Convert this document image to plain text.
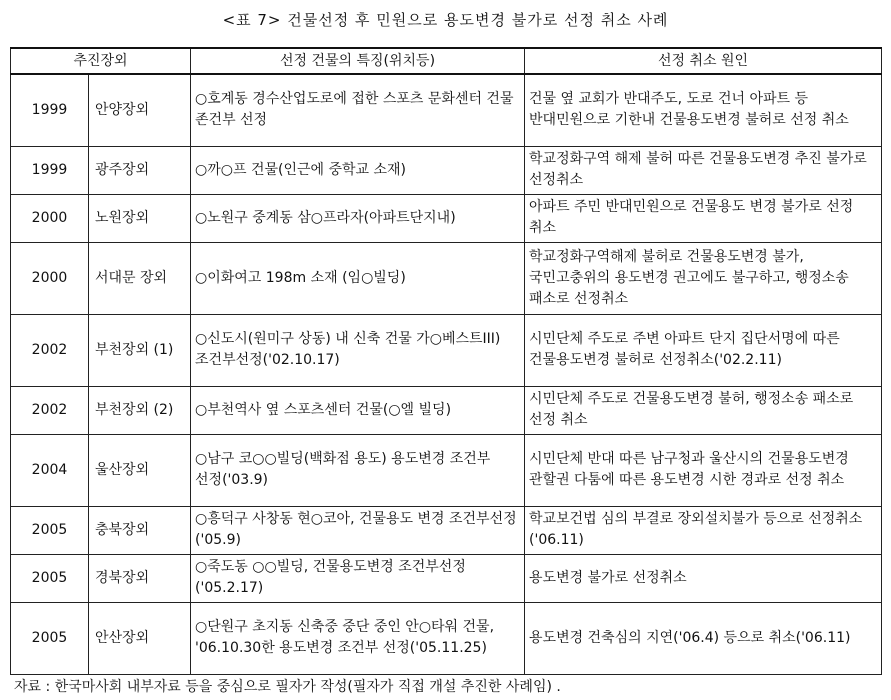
<표 7> 건물선정 후 민원으로 용도변경 불가로 선정 취소 사례
추진장외		선정 건물의 특징(위치등)	선정 취소 원인
1999	안양장외	○호계동 경수산업도로에 접한 스포츠 문화센터 건물 존건부 선정	건물 옆 교회가 반대주도, 도로 건너 아파트 등 반대민원으로 기한내 건물용도변경 불허로 선정 취소
1999	광주장외	○까○프 건물(인근에 중학교 소재)	학교정화구역 해제 불허 따른 건물용도변경 추진 불가로 선정취소
2000	노원장외	○노원구 중계동 삼○프라자(아파트단지내)	아파트 주민 반대민원으로 건물용도 변경 불가로 선정 취소
2000	서대문 장외	○이화여고 198m 소재 (임○빌딩)	학교정화구역해제 불허로 건물용도변경 불가, 국민고충위의 용도변경 권고에도 불구하고, 행정소송 패소로 선정취소
2002	부천장외 (1)	○신도시(원미구 상동) 내 신축 건물 가○베스트III) 조건부선정('02.10.17)	시민단체 주도로 주변 아파트 단지 집단서명에 따른 건물용도변경 불허로 선정취소('02.2.11)
2002	부천장외 (2)	○부천역사 옆 스포츠센터 건물(○엘 빌딩)	시민단체 주도로 건물용도변경 불허, 행정소송 패소로 선정 취소
2004	울산장외	○남구 코○○빌딩(백화점 용도) 용도변경 조건부 선정('03.9)	시민단체 반대 따른 남구청과 울산시의 건물용도변경 관할권 다툼에 따른 용도변경 시한 경과로 선정 취소
2005	충북장외	○흥덕구 사창동 현○코아, 건물용도 변경 조건부선정('05.9)	학교보건법 심의 부결로 장외설치불가 등으로 선정취소('06.11)
2005	경북장외	○죽도동 ○○빌딩, 건물용도변경 조건부선정('05.2.17)	용도변경 불가로 선정취소
2005	안산장외	○단원구 초지동 신축중 중단 중인 안○타워 건물, '06.10.30한 용도변경 조건부 선정('05.11.25)	용도변경 건축심의 지연('06.4) 등으로 취소('06.11)
자료 : 한국마사회 내부자료 등을 중심으로 필자가 작성(필자가 직접 개설 추진한 사례임) .
